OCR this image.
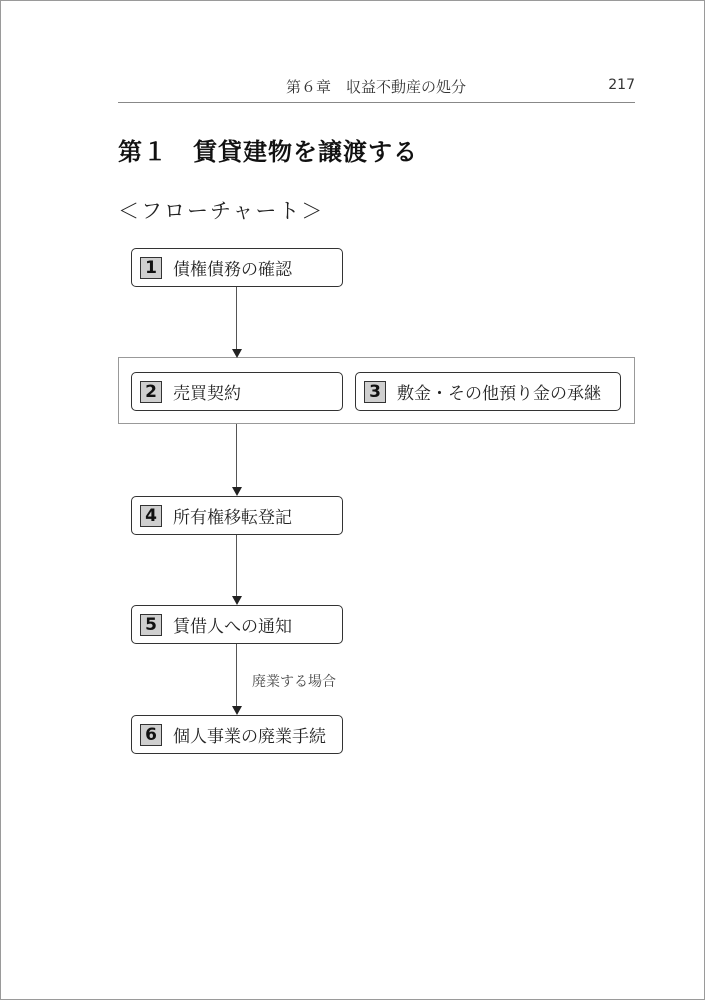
第６章　収益不動産の処分	217
第１　賃貸建物を譲渡する
＜フローチャート＞
1 債権債務の確認
2 売買契約	3 敷金・その他預り金の承継
4 所有権移転登記
5 賃借人への通知
6 個人事業の廃業手続
廃業する場合
